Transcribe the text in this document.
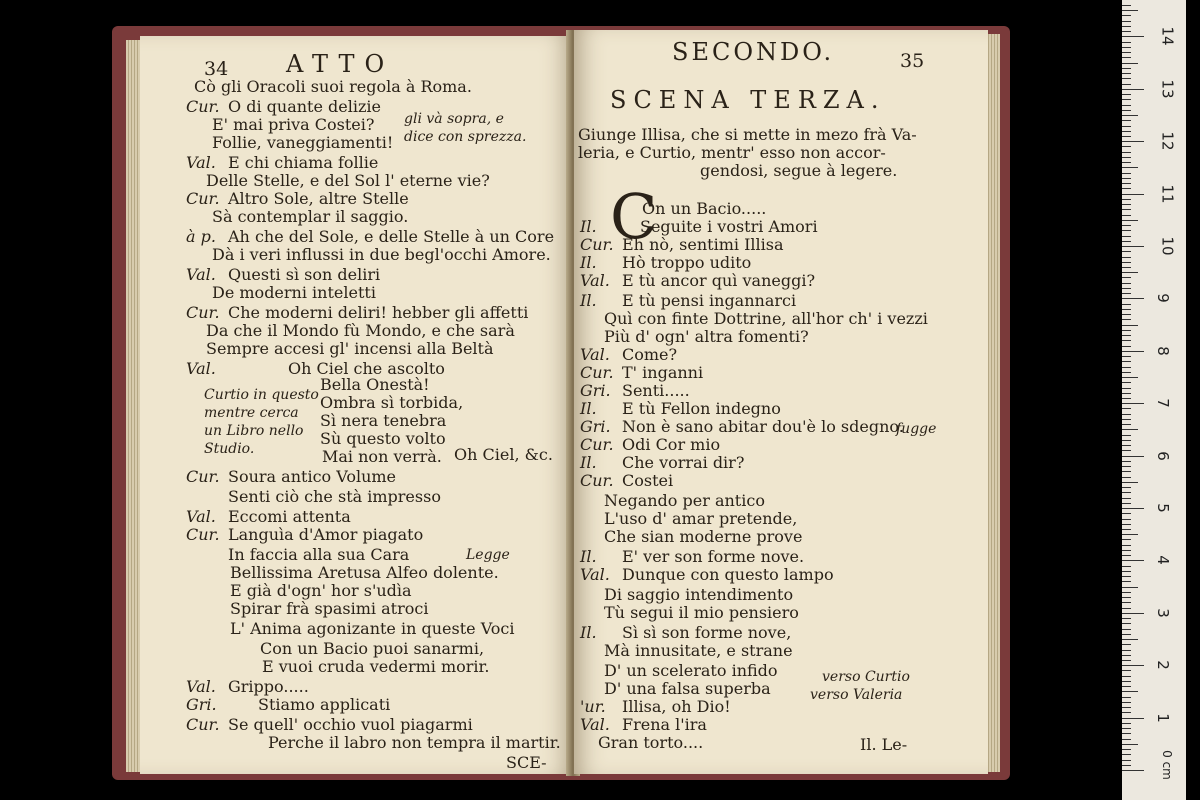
34 ATTO
Cò gli Oracoli suoi regola à Roma.
Cur. O di quante delizie
E' mai priva Costei?
Follie, vaneggiamenti!
Val. E chi chiama follie
Delle Stelle, e del Sol l' eterne vie?
Cur. Altro Sole, altre Stelle
Sà contemplar il saggio.
à p. Ah che del Sole, e delle Stelle à un Core
Dà i veri influssi in due begl'occhi Amore.
Val. Questi sì son deliri
De moderni inteletti
Cur. Che moderni deliri! hebber gli affetti
Da che il Mondo fù Mondo, e che sarà
Sempre accesi gl' incensi alla Beltà
Val.	Oh Ciel che ascolto
Bella Onestà!
Ombra sì torbida,
Sì nera tenebra
Sù questo volto
Mai non verrà.
Cur. Soura antico Volume
Senti ciò che stà impresso
Val. Eccomi attenta
Cur. Languìa d'Amor piagato
In faccia alla sua Cara
Bellissima Aretusa Alfeo dolente.
E già d'ogn' hor s'udìa
Spirar frà spasimi atroci
L' Anima agonizante in queste Voci
Con un Bacio puoi sanarmi,
E vuoi cruda vedermi morir.
Val. Grippo.....
Gri.	Stiamo applicati
Cur. Se quell' occhio vuol piagarmi
Perche il labro non tempra il martir.
gli và sopra, e
dice con sprezza.
Curtio in questo
mentre cerca
un Libro nello
Studio.	Oh Ciel, &c.
Legge
SCE-
SECONDO.	35
SCENA TERZA.
C
Giunge Illisa, che si mette in mezo frà Va-
leria, e Curtio, mentr' esso non accor-
gendosi, segue à legere.
On un Bacio.....
Il.	Seguite i vostri Amori
Cur. Eh nò, sentimi Illisa
Il. Hò troppo udito
Val. E tù ancor quì vaneggi?
Il. E tù pensi ingannarci
Quì con finte Dottrine, all'hor ch' i vezzi
Più d' ogn' altra fomenti?
Val. Come?
Cur. T' inganni
Gri. Senti.....
Il. E tù Fellon indegno
Gri. Non è sano abitar dou'è lo sdegno.
Cur. Odi Cor mio
Il. Che vorrai dir?
Cur. Costei
Negando per antico
L'uso d' amar pretende,
Che sian moderne prove
Il. E' ver son forme nove.
Val. Dunque con questo lampo
Di saggio intendimento
Tù segui il mio pensiero
Il. Sì sì son forme nove,
Mà innusitate, e strane
D' un scelerato infido
D' una falsa superba
'ur. Illisa, oh Dio!
Val. Frena l'ira
Gran torto....
fugge
verso Curtio
verso Valeria
Il. Le-
0 cm
14
13
12
11
10
9
8
7
6
5
4
3
2
1
